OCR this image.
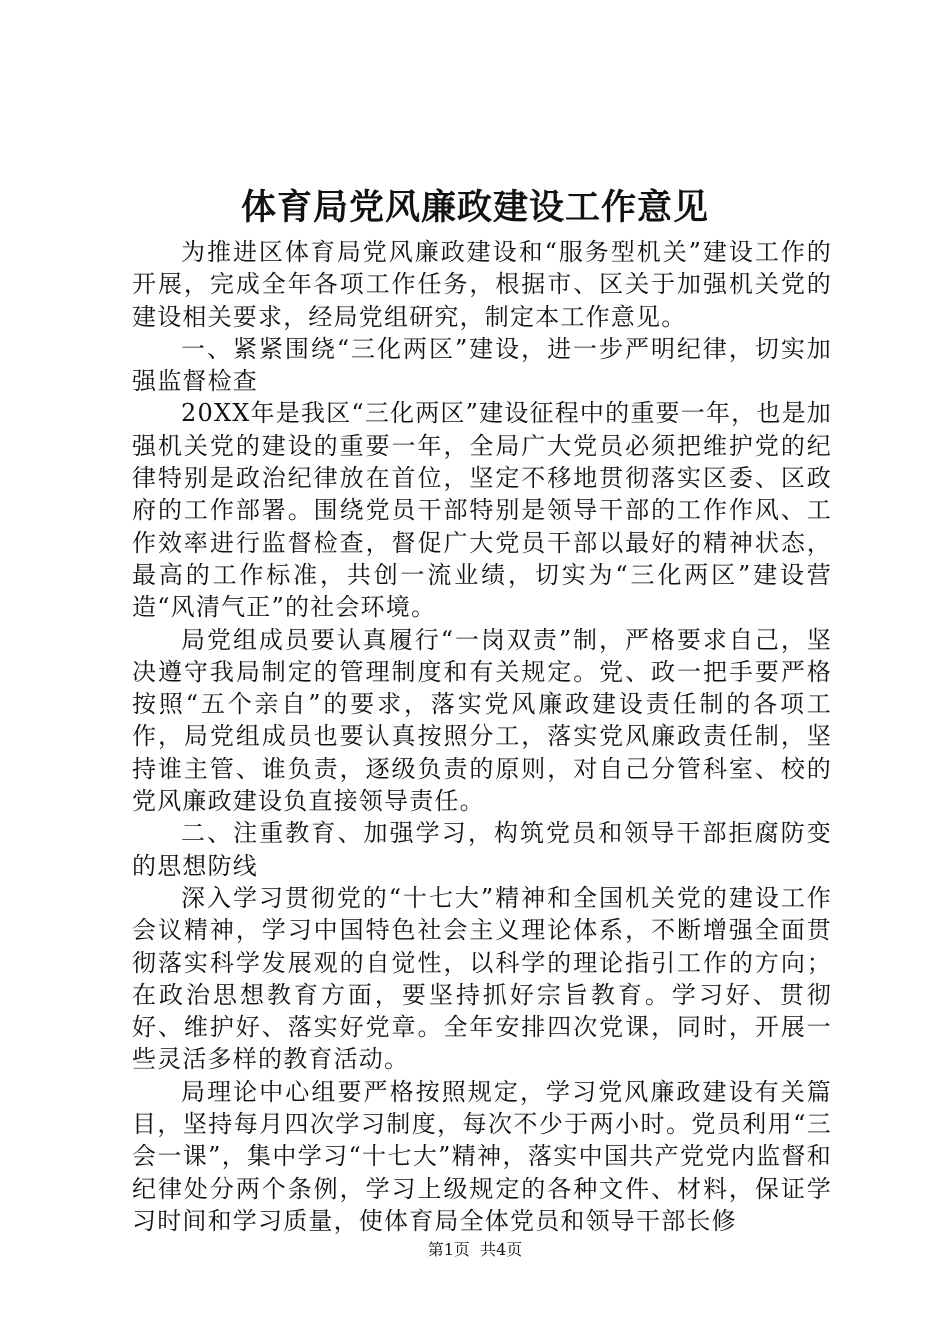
体育局党风廉政建设工作意见

为推进区体育局党风廉政建设和“服务型机关”建设工作的开展，完成全年各项工作任务，根据市、区关于加强机关党的建设相关要求，经局党组研究，制定本工作意见。

一、紧紧围绕“三化两区”建设，进一步严明纪律，切实加强监督检查

20XX年是我区“三化两区”建设征程中的重要一年，也是加强机关党的建设的重要一年，全局广大党员必须把维护党的纪律特别是政治纪律放在首位，坚定不移地贯彻落实区委、区政府的工作部署。围绕党员干部特别是领导干部的工作作风、工作效率进行监督检查，督促广大党员干部以最好的精神状态，最高的工作标准，共创一流业绩，切实为“三化两区”建设营造“风清气正”的社会环境。

局党组成员要认真履行“一岗双责”制，严格要求自己，坚决遵守我局制定的管理制度和有关规定。党、政一把手要严格按照“五个亲自”的要求，落实党风廉政建设责任制的各项工作，局党组成员也要认真按照分工，落实党风廉政责任制，坚持谁主管、谁负责，逐级负责的原则，对自己分管科室、校的党风廉政建设负直接领导责任。

二、注重教育、加强学习，构筑党员和领导干部拒腐防变的思想防线

深入学习贯彻党的“十七大”精神和全国机关党的建设工作会议精神，学习中国特色社会主义理论体系，不断增强全面贯彻落实科学发展观的自觉性，以科学的理论指引工作的方向；在政治思想教育方面，要坚持抓好宗旨教育。学习好、贯彻好、维护好、落实好党章。全年安排四次党课，同时，开展一些灵活多样的教育活动。

局理论中心组要严格按照规定，学习党风廉政建设有关篇目，坚持每月四次学习制度，每次不少于两小时。党员利用“三会一课”，集中学习“十七大”精神，落实中国共产党党内监督和纪律处分两个条例，学习上级规定的各种文件、材料，保证学习时间和学习质量，使体育局全体党员和领导干部长修

第1页 共4页
